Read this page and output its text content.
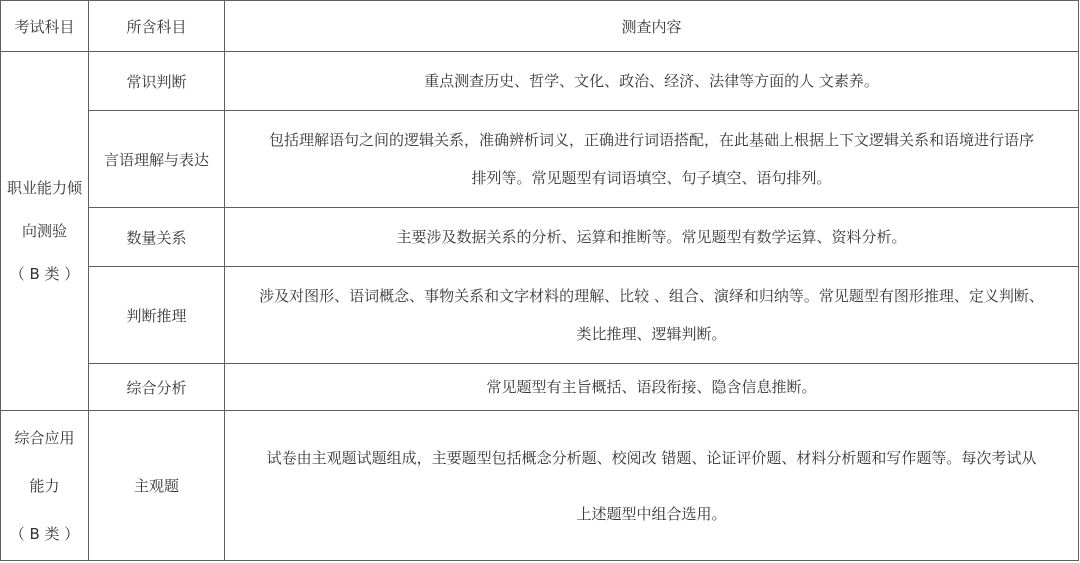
考试科目	所含科目	测查内容

职业能力倾
向测验
（ B 类 ）	常识判断	重点测查历史、哲学、文化、政治、经济、法律等方面的人 文素养。

	言语理解与表达	包括理解语句之间的逻辑关系，准确辨析词义，正确进行词语搭配，在此基础上根据上下文逻辑关系和语境进行语序
排列等。常见题型有词语填空、句子填空、语句排列。

	数量关系	主要涉及数据关系的分析、运算和推断等。常见题型有数学运算、资料分析。

	判断推理	涉及对图形、语词概念、事物关系和文字材料的理解、比较 、组合、演绎和归纳等。常见题型有图形推理、定义判断、
类比推理、逻辑判断。

	综合分析	常见题型有主旨概括、语段衔接、隐含信息推断。

综合应用
能力
（ B 类 ）	主观题	试卷由主观题试题组成，主要题型包括概念分析题、校阅改 错题、论证评价题、材料分析题和写作题等。每次考试从
上述题型中组合选用。
